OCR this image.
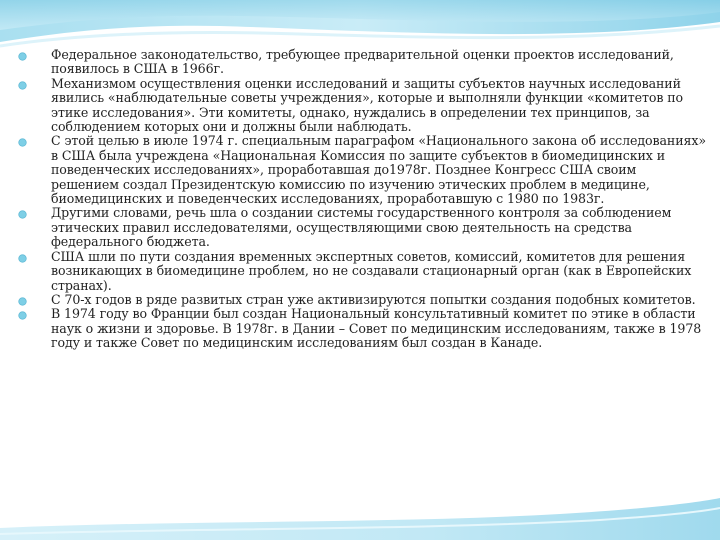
Федеральное законодательство, требующее предварительной оценки проектов исследований, появилось в США в 1966г.
Механизмом осуществления оценки исследований и защиты субъектов научных исследований явились «наблюдательные советы учреждения», которые и выполняли функции «комитетов по этике исследования». Эти комитеты, однако, нуждались в определении тех принципов, за соблюдением которых они и должны были наблюдать.
С этой целью в июле 1974 г. специальным параграфом «Национального закона об исследованиях» в США была учреждена «Национальная Комиссия по защите субъектов в биомедицинских и поведенческих исследованиях», проработавшая до1978г. Позднее Конгресс США своим решением создал Президентскую комиссию по изучению этических проблем в медицине, биомедицинских и поведенческих исследованиях, проработавшую с 1980 по 1983г.
Другими словами, речь шла о создании системы государственного контроля за соблюдением этических правил исследователями, осуществляющими свою деятельность на средства федерального бюджета.
США шли по пути создания временных экспертных советов, комиссий, комитетов для решения возникающих в биомедицине проблем, но не создавали стационарный орган (как в Европейских странах).
С 70-х годов в ряде развитых стран уже активизируются попытки создания подобных комитетов.
В 1974 году во Франции был создан Национальный консультативный комитет по этике в области наук о жизни и здоровье. В 1978г. в Дании – Совет по медицинским исследованиям, также в 1978 году и также Совет по медицинским исследованиям был создан в Канаде.
